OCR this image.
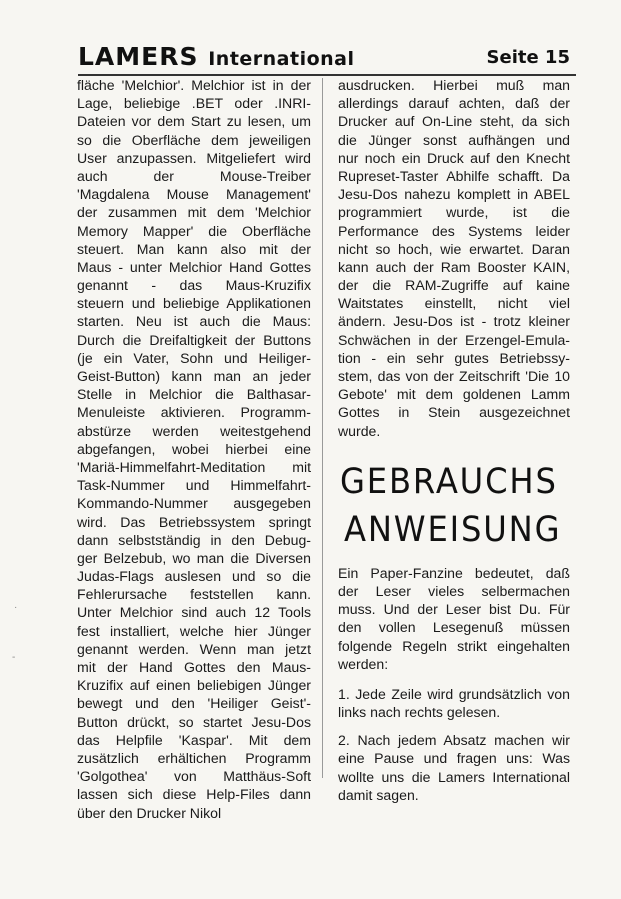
LAMERS International	Seite 15
fläche 'Melchior'. Melchior ist in der
Lage, beliebige .BET oder .INRI-
Dateien vor dem Start zu lesen, um
so die Oberfläche dem jeweiligen
User anzupassen. Mitgeliefert wird
auch der Mouse-Treiber
'Magdalena Mouse Management'
der zusammen mit dem 'Melchior
Memory Mapper' die Oberfläche
steuert. Man kann also mit der
Maus - unter Melchior Hand Gottes
genannt - das Maus-Kruzifix
steuern und beliebige Applikationen
starten. Neu ist auch die Maus:
Durch die Dreifaltigkeit der Buttons
(je ein Vater, Sohn und Heiliger-
Geist-Button) kann man an jeder
Stelle in Melchior die Balthasar-
Menuleiste aktivieren. Programm-
abstürze werden weitestgehend
abgefangen, wobei hierbei eine
'Mariä-Himmelfahrt-Meditation mit
Task-Nummer und Himmelfahrt-
Kommando-Nummer ausgegeben
wird. Das Betriebssystem springt
dann selbstständig in den Debug-
ger Belzebub, wo man die Diversen
Judas-Flags auslesen und so die
Fehlerursache feststellen kann.
Unter Melchior sind auch 12 Tools
fest installiert, welche hier Jünger
genannt werden. Wenn man jetzt
mit der Hand Gottes den Maus-
Kruzifix auf einen beliebigen Jünger
bewegt und den 'Heiliger Geist'-
Button drückt, so startet Jesu-Dos
das Helpfile 'Kaspar'. Mit dem
zusätzlich erhältichen Programm
'Golgothea' von Matthäus-Soft
lassen sich diese Help-Files dann
über den Drucker Nikol
ausdrucken. Hierbei muß man
allerdings darauf achten, daß der
Drucker auf On-Line steht, da sich
die Jünger sonst aufhängen und
nur noch ein Druck auf den Knecht
Rupreset-Taster Abhilfe schafft. Da
Jesu-Dos nahezu komplett in ABEL
programmiert wurde, ist die
Performance des Systems leider
nicht so hoch, wie erwartet. Daran
kann auch der Ram Booster KAIN,
der die RAM-Zugriffe auf kaine
Waitstates einstellt, nicht viel
ändern. Jesu-Dos ist - trotz kleiner
Schwächen in der Erzengel-Emula-
tion - ein sehr gutes Betriebssy-
stem, das von der Zeitschrift 'Die 10
Gebote' mit dem goldenen Lamm
Gottes in Stein ausgezeichnet
wurde.
GEBRAUCHS
ANWEISUNG
Ein Paper-Fanzine bedeutet, daß
der Leser vieles selbermachen
muss. Und der Leser bist Du. Für
den vollen Lesegenuß müssen
folgende Regeln strikt eingehalten
werden:
1. Jede Zeile wird grundsätzlich von
links nach rechts gelesen.
2. Nach jedem Absatz machen wir
eine Pause und fragen uns: Was
wollte uns die Lamers International
damit sagen.
·
-
